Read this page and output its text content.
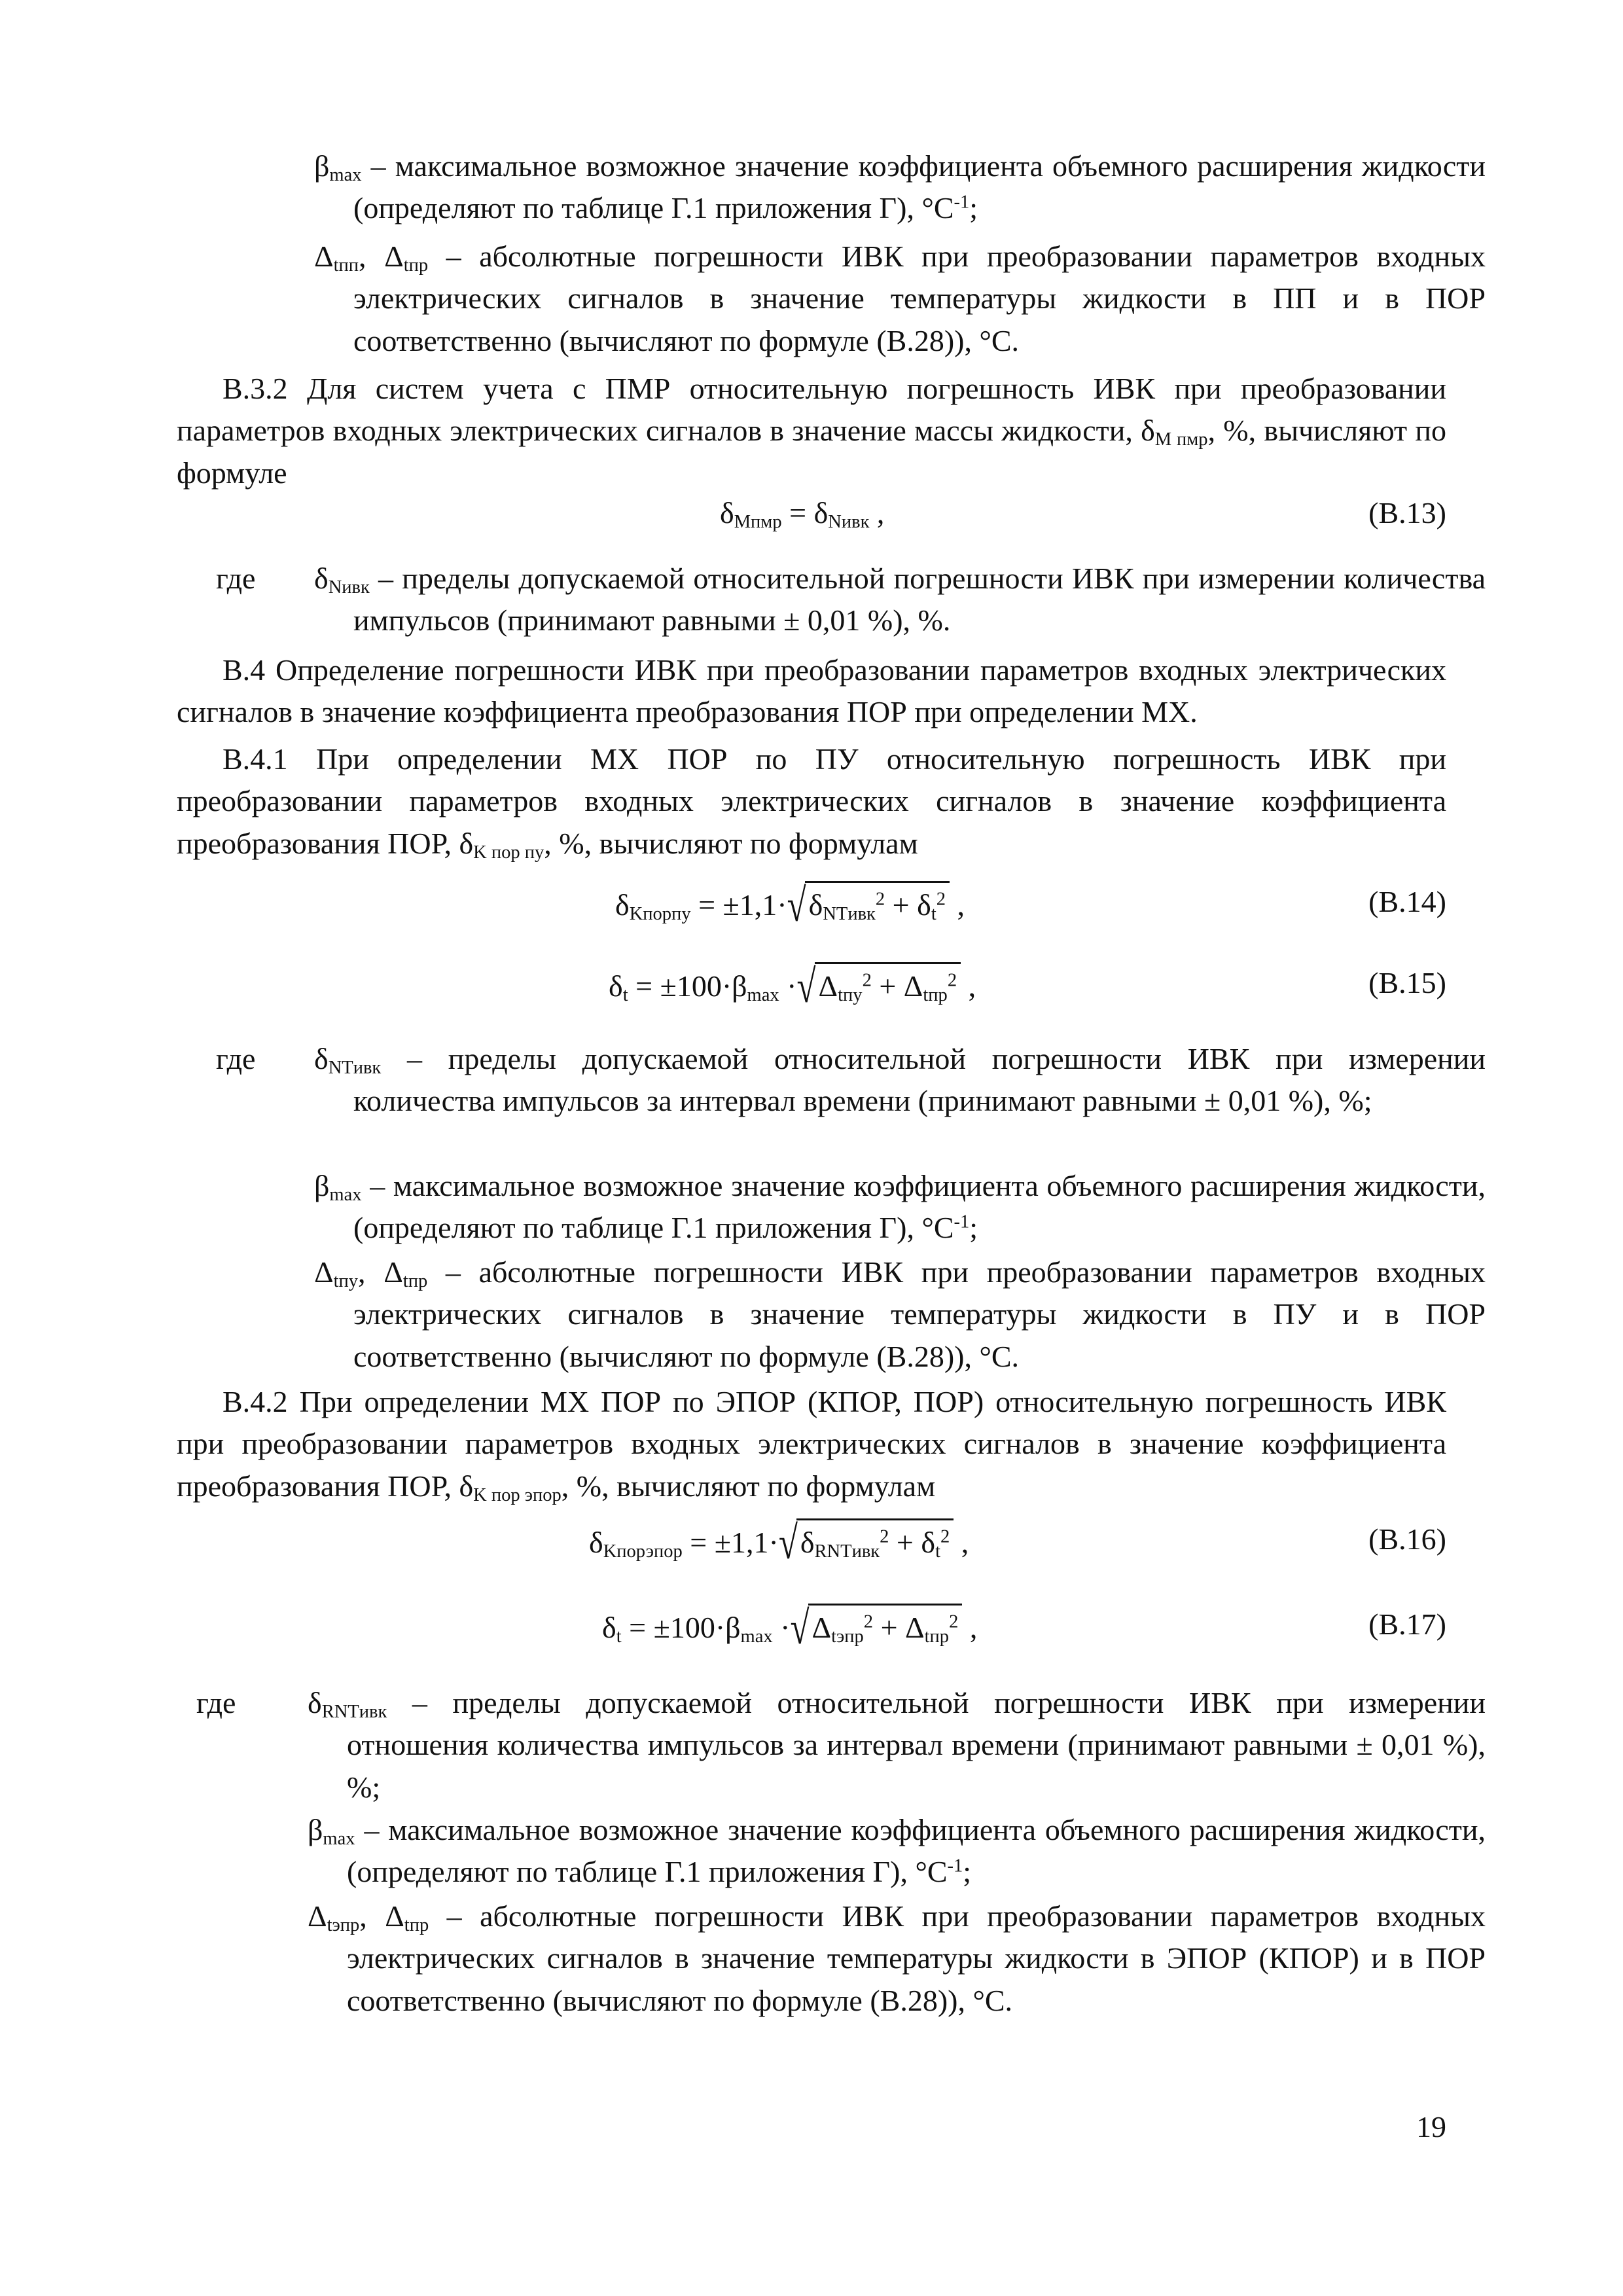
$\beta_{max}$ – максимальное возможное значение коэффициента объемного расширения жидкости (определяют по таблице Г.1 приложения Г), $^\circ С^{-1}$;
$\Delta_{tпп}$, $\Delta_{tпр}$ – абсолютные погрешности ИВК при преобразовании параметров входных электрических сигналов в значение температуры жидкости в ПП и в ПОР соответственно (вычисляют по формуле (В.28)), °С.
В.3.2 Для систем учета с ПМР относительную погрешность ИВК при преобразовании параметров входных электрических сигналов в значение массы жидкости, $\delta_{M пмр}$, %, вычисляют по формуле
$\delta_{Mпмр} = \delta_{Nивк}$ ,	(В.13)
где $\delta_{Nивк}$ – пределы допускаемой относительной погрешности ИВК при измерении количества импульсов (принимают равными ± 0,01 %), %.
В.4 Определение погрешности ИВК при преобразовании параметров входных электрических сигналов в значение коэффициента преобразования ПОР при определении МХ.
В.4.1 При определении МХ ПОР по ПУ относительную погрешность ИВК при преобразовании параметров входных электрических сигналов в значение коэффициента преобразования ПОР, $\delta_{K пор пу}$, %, вычисляют по формулам
$\delta_{Kпорпу} = \pm 1,1\cdot√\delta_{NTивк}^2 + \delta_t^2$ ,	(В.14)
$\delta_t = \pm 100\cdot\beta_{max} \cdot√\Delta_{tпу}^2 + \Delta_{tпр}^2$ ,	(В.15)
где $\delta_{NTивк}$ – пределы допускаемой относительной погрешности ИВК при измерении количества импульсов за интервал времени (принимают равными ± 0,01 %), %;
$\beta_{max}$ – максимальное возможное значение коэффициента объемного расширения жидкости, (определяют по таблице Г.1 приложения Г), $^\circ С^{-1}$;
$\Delta_{tпу}$, $\Delta_{tпр}$ – абсолютные погрешности ИВК при преобразовании параметров входных электрических сигналов в значение температуры жидкости в ПУ и в ПОР соответственно (вычисляют по формуле (В.28)), °С.
В.4.2 При определении МХ ПОР по ЭПОР (КПОР, ПОР) относительную погрешность ИВК при преобразовании параметров входных электрических сигналов в значение коэффициента преобразования ПОР, $\delta_{K пор эпор}$, %, вычисляют по формулам
$\delta_{Kпорэпор} = \pm 1,1\cdot√\delta_{RNTивк}^2 + \delta_t^2$ ,	(В.16)
$\delta_t = \pm 100\cdot\beta_{max} \cdot√\Delta_{tэпр}^2 + \Delta_{tпр}^2$ ,	(В.17)
где $\delta_{RNTивк}$ – пределы допускаемой относительной погрешности ИВК при измерении отношения количества импульсов за интервал времени (принимают равными ± 0,01 %), %;
$\beta_{max}$ – максимальное возможное значение коэффициента объемного расширения жидкости, (определяют по таблице Г.1 приложения Г), $^\circ С^{-1}$;
$\Delta_{tэпр}$, $\Delta_{tпр}$ – абсолютные погрешности ИВК при преобразовании параметров входных электрических сигналов в значение температуры жидкости в ЭПОР (КПОР) и в ПОР соответственно (вычисляют по формуле (В.28)), °С.
19
